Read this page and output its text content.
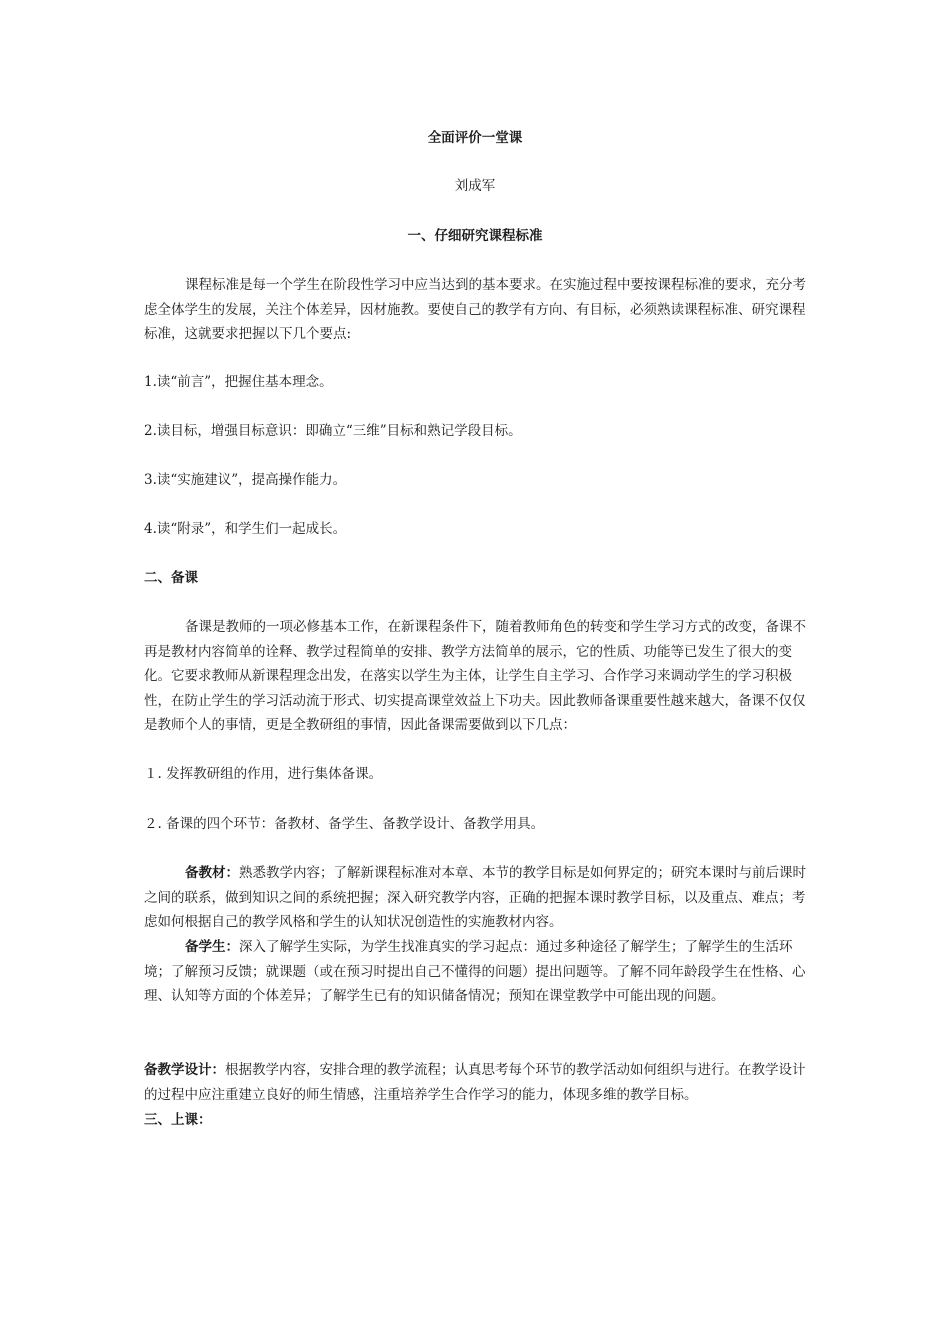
全面评价一堂课

刘成军

一、仔细研究课程标准

课程标准是每一个学生在阶段性学习中应当达到的基本要求。在实施过程中要按课程标准的要求，充分考虑全体学生的发展，关注个体差异，因材施教。要使自己的教学有方向、有目标，必须熟读课程标准、研究课程标准，这就要求把握以下几个要点:

1.读“前言”，把握住基本理念。

2.读目标，增强目标意识：即确立“三维”目标和熟记学段目标。

3.读“实施建议”，提高操作能力。

4.读“附录”，和学生们一起成长。

二、备课

备课是教师的一项必修基本工作，在新课程条件下，随着教师角色的转变和学生学习方式的改变，备课不再是教材内容简单的诠释、教学过程简单的安排、教学方法简单的展示，它的性质、功能等已发生了很大的变化。它要求教师从新课程理念出发，在落实以学生为主体，让学生自主学习、合作学习来调动学生的学习积极性，在防止学生的学习活动流于形式、切实提高课堂效益上下功夫。因此教师备课重要性越来越大，备课不仅仅是教师个人的事情，更是全教研组的事情，因此备课需要做到以下几点：

１. 发挥教研组的作用，进行集体备课。

２. 备课的四个环节：备教材、备学生、备教学设计、备教学用具。

备教材：熟悉教学内容；了解新课程标准对本章、本节的教学目标是如何界定的；研究本课时与前后课时之间的联系，做到知识之间的系统把握；深入研究教学内容，正确的把握本课时教学目标，以及重点、难点；考虑如何根据自己的教学风格和学生的认知状况创造性的实施教材内容。

备学生：深入了解学生实际，为学生找准真实的学习起点：通过多种途径了解学生；了解学生的生活环境；了解预习反馈；就课题（或在预习时提出自己不懂得的问题）提出问题等。了解不同年龄段学生在性格、心理、认知等方面的个体差异；了解学生已有的知识储备情况；预知在课堂教学中可能出现的问题。

备教学设计：根据教学内容，安排合理的教学流程；认真思考每个环节的教学活动如何组织与进行。在教学设计的过程中应注重建立良好的师生情感，注重培养学生合作学习的能力，体现多维的教学目标。

三、上课：
